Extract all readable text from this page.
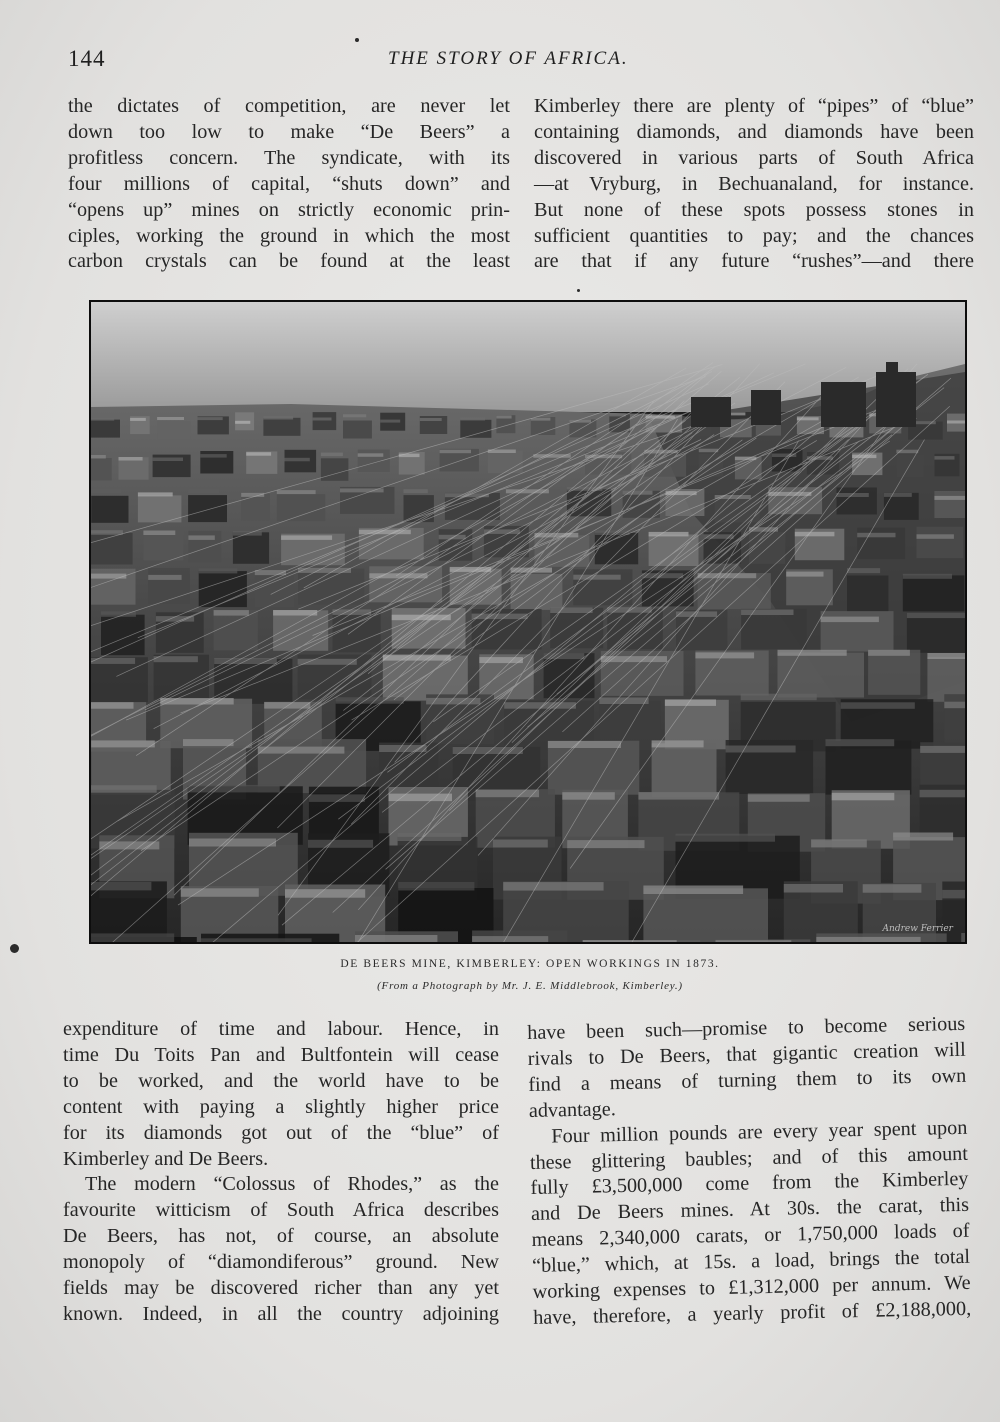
144	THE STORY OF AFRICA.
the dictates of competition, are never let
down too low to make “De Beers” a
profitless concern. The syndicate, with its
four millions of capital, “shuts down” and
“opens up” mines on strictly economic prin-
ciples, working the ground in which the most
carbon crystals can be found at the least
Kimberley there are plenty of “pipes” of “blue”
containing diamonds, and diamonds have been
discovered in various parts of South Africa
—at Vryburg, in Bechuanaland, for instance.
But none of these spots possess stones in
sufficient quantities to pay; and the chances
are that if any future “rushes”—and there
Andrew Ferrier
DE BEERS MINE, KIMBERLEY: OPEN WORKINGS IN 1873.
(From a Photograph by Mr. J. E. Middlebrook, Kimberley.)
expenditure of time and labour. Hence, in
time Du Toits Pan and Bultfontein will cease
to be worked, and the world have to be
content with paying a slightly higher price
for its diamonds got out of the “blue” of
Kimberley and De Beers.
The modern “Colossus of Rhodes,” as the
favourite witticism of South Africa describes
De Beers, has not, of course, an absolute
monopoly of “diamondiferous” ground. New
fields may be discovered richer than any yet
known. Indeed, in all the country adjoining
have been such—promise to become serious
rivals to De Beers, that gigantic creation will
find a means of turning them to its own
advantage.
Four million pounds are every year spent upon
these glittering baubles; and of this amount
fully £3,500,000 come from the Kimberley
and De Beers mines. At 30s. the carat, this
means 2,340,000 carats, or 1,750,000 loads of
“blue,” which, at 15s. a load, brings the total
working expenses to £1,312,000 per annum. We
have, therefore, a yearly profit of £2,188,000,
